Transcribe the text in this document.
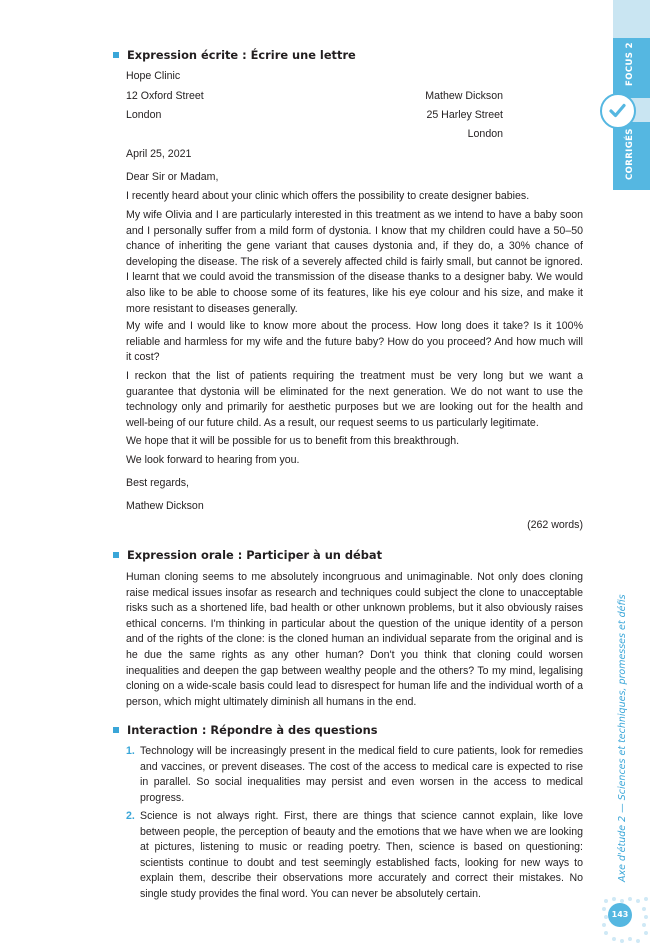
FOCUS 2
CORRIGÉS
Axe d'étude 2 — Sciences et techniques, promesses et défis
143
Expression écrite : Écrire une lettre
Hope Clinic
12 Oxford Street
London
Mathew Dickson
25 Harley Street
London
April 25, 2021
Dear Sir or Madam,
I recently heard about your clinic which offers the possibility to create designer babies.
My wife Olivia and I are particularly interested in this treatment as we intend to have a baby soon and I personally suffer from a mild form of dystonia. I know that my children could have a 50–50 chance of inheriting the gene variant that causes dystonia and, if they do, a 30% chance of developing the disease. The risk of a severely affected child is fairly small, but cannot be ignored. I learnt that we could avoid the transmission of the disease thanks to a designer baby. We would also like to be able to choose some of its features, like his eye colour and his size, and make it more resistant to diseases generally.
My wife and I would like to know more about the process. How long does it take? Is it 100% reliable and harmless for my wife and the future baby? How do you proceed? And how much will it cost?
I reckon that the list of patients requiring the treatment must be very long but we want a guarantee that dystonia will be eliminated for the next generation. We do not want to use the technology only and primarily for aesthetic purposes but we are looking out for the health and well-being of our future child. As a result, our request seems to us particularly legitimate.
We hope that it will be possible for us to benefit from this breakthrough.
We look forward to hearing from you.
Best regards,
Mathew Dickson
(262 words)
Expression orale : Participer à un débat
Human cloning seems to me absolutely incongruous and unimaginable. Not only does cloning raise medical issues insofar as research and techniques could subject the clone to unacceptable risks such as a shortened life, bad health or other unknown problems, but it also obviously raises ethical concerns. I'm thinking in particular about the question of the unique identity of a person and of the rights of the clone: is the cloned human an individual separate from the original and is he due the same rights as any other human? Don't you think that cloning could worsen inequalities and deepen the gap between wealthy people and the others? To my mind, legalising cloning on a wide-scale basis could lead to disrespect for human life and the individual worth of a person, which might ultimately diminish all humans in the end.
Interaction : Répondre à des questions
1. Technology will be increasingly present in the medical field to cure patients, look for remedies and vaccines, or prevent diseases. The cost of the access to medical care is expected to rise in parallel. So social inequalities may persist and even worsen in the access to medical progress.
2. Science is not always right. First, there are things that science cannot explain, like love between people, the perception of beauty and the emotions that we have when we are looking at pictures, listening to music or reading poetry. Then, science is based on questioning: scientists continue to doubt and test seemingly established facts, looking for new ways to explain them, describe their observations more accurately and correct their mistakes. No single study provides the final word. You can never be absolutely certain.
